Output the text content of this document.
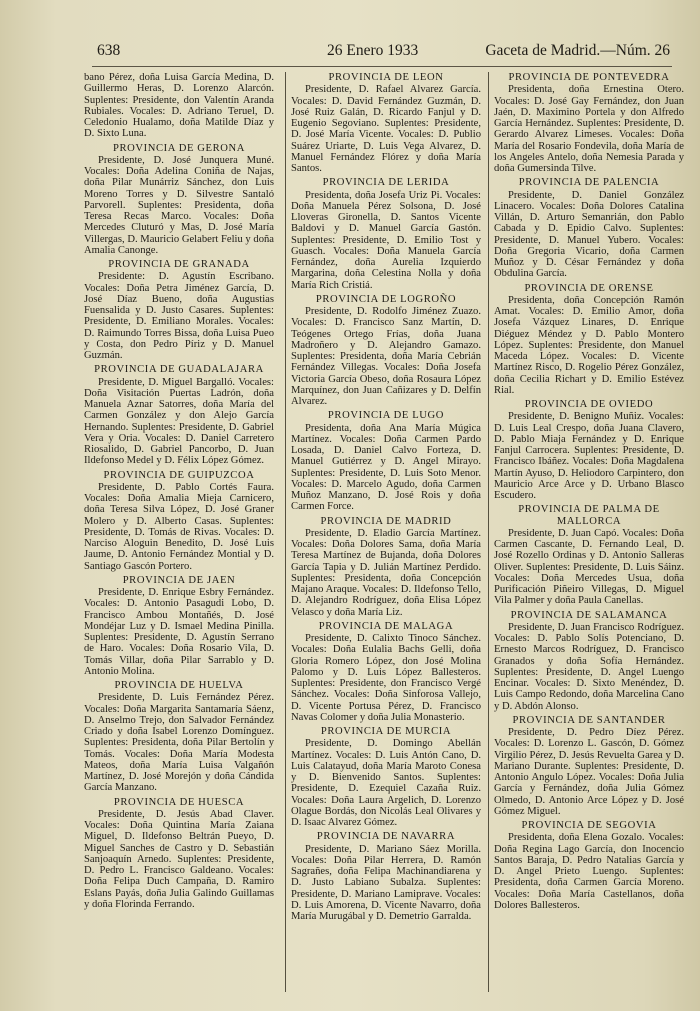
638	26 Enero 1933	Gaceta de Madrid.—Núm. 26

bano Pérez, doña Luisa García Medina, D. Guillermo Heras, D. Lorenzo Alarcón. Suplentes: Presidente, don Valentín Aranda Rubiales. Vocales: D. Adriano Teruel, D. Celedonio Hualamo, doña Matilde Díaz y D. Sixto Luna.

PROVINCIA DE GERONA

Presidente, D. José Junquera Muné. Vocales: Doña Adelina Coniña de Najas, doña Pilar Munárriz Sánchez, don Luis Moreno Torres y D. Silvestre Santaló Parvorell. Suplentes: Presidenta, doña Teresa Recas Marco. Vocales: Doña Mercedes Cluturó y Mas, D. José María Villergas, D. Mauricio Gelabert Feliu y doña Amalia Canonge.

PROVINCIA DE GRANADA

Presidente: D. Agustín Escribano. Vocales: Doña Petra Jiménez García, D. José Díaz Bueno, doña Augustias Fuensalida y D. Justo Casares. Suplentes: Presidente, D. Emiliano Morales. Vocales: D. Raimundo Torres Bissa, doña Luisa Pueo y Costa, don Pedro Píriz y D. Manuel Guzmán.

PROVINCIA DE GUADALAJARA

Presidente, D. Miguel Bargalló. Vocales: Doña Visitación Puertas Ladrón, doña Manuela Aznar Satorres, doña María del Carmen González y don Alejo García Hernando. Suplentes: Presidente, D. Gabriel Vera y Oria. Vocales: D. Daniel Carretero Riosalido, D. Gabriel Pancorbo, D. Juan Ildefonso Medel y D. Félix López Gómez.

PROVINCIA DE GUIPUZCOA

Presidente, D. Pablo Cortés Faura. Vocales: Doña Amalia Mieja Carnicero, doña Teresa Silva López, D. José Graner Molero y D. Alberto Casas. Suplentes: Presidente, D. Tomás de Rivas. Vocales: D. Narciso Aloguin Benedito, D. José Luis Jaume, D. Antonio Fernández Montial y D. Santiago Gascón Portero.

PROVINCIA DE JAEN

Presidente, D. Enrique Esbry Fernández. Vocales: D. Antonio Pasagudi Lobo, D. Francisco Ambou Montañés, D. José Mondéjar Luz y D. Ismael Medina Pinilla. Suplentes: Presidente, D. Agustín Serrano de Haro. Vocales: Doña Rosario Vila, D. Tomás Villar, doña Pilar Sarrablo y D. Antonio Molina.

PROVINCIA DE HUELVA

Presidente, D. Luis Fernández Pérez. Vocales: Doña Margarita Santamaría Sáenz, D. Anselmo Trejo, don Salvador Fernández Criado y doña Isabel Lorenzo Domínguez. Suplentes: Presidenta, doña Pilar Bertolín y Tomás. Vocales: Doña María Modesta Mateos, doña María Luisa Valgañón Martínez, D. José Morejón y doña Cándida García Manzano.

PROVINCIA DE HUESCA

Presidente, D. Jesús Abad Claver. Vocales: Doña Quintina María Zaiana Miguel, D. Ildefonso Beltrán Pueyo, D. Miguel Sanches de Castro y D. Sebastián Sanjoaquín Arnedo. Suplentes: Presidente, D. Pedro L. Francisco Galdeano. Vocales: Doña Felipa Duch Campaña, D. Ramiro Eslans Payás, doña Julia Galindo Guillamas y doña Florinda Ferrando.

PROVINCIA DE LEON

Presidente, D. Rafael Alvarez García. Vocales: D. David Fernández Guzmán, D. José Ruiz Galán, D. Ricardo Fanjul y D. Eugenio Segoviano. Suplentes: Presidente, D. José María Vicente. Vocales: D. Publio Suárez Uriarte, D. Luis Vega Alvarez, D. Manuel Fernández Flórez y doña María Santos.

PROVINCIA DE LERIDA

Presidenta, doña Josefa Uriz Pi. Vocales: Doña Manuela Pérez Solsona, D. José Lloveras Gironella, D. Santos Vicente Baldovi y D. Manuel García Gastón. Suplentes: Presidente, D. Emilio Tost y Guasch. Vocales: Doña Manuela García Fernández, doña Aurelia Izquierdo Margarina, doña Celestina Nolla y doña María Rich Cristiá.

PROVINCIA DE LOGROÑO

Presidente, D. Rodolfo Jiménez Zuazo. Vocales: D. Francisco Sanz Martín, D. Teógenes Ortego Frías, doña Juana Madroñero y D. Alejandro Gamazo. Suplentes: Presidenta, doña María Cebrián Fernández Villegas. Vocales: Doña Josefa Victoria García Obeso, doña Rosaura López Marquínez, don Juan Cañizares y D. Delfín Alvarez.

PROVINCIA DE LUGO

Presidenta, doña Ana María Múgica Martínez. Vocales: Doña Carmen Pardo Losada, D. Daniel Calvo Forteza, D. Manuel Gutiérrez y D. Angel Mirayo. Suplentes: Presidente, D. Luis Soto Menor. Vocales: D. Marcelo Agudo, doña Carmen Muñoz Manzano, D. José Rois y doña Carmen Force.

PROVINCIA DE MADRID

Presidente, D. Eladio García Martínez. Vocales: Doña Dolores Sama, doña María Teresa Martínez de Bujanda, doña Dolores García Tapia y D. Julián Martínez Perdido. Suplentes: Presidenta, doña Concepción Majano Araque. Vocales: D. Ildefonso Tello, D. Alejandro Rodríguez, doña Elisa López Velasco y doña María Liz.

PROVINCIA DE MALAGA

Presidente, D. Calixto Tinoco Sánchez. Vocales: Doña Eulalia Bachs Gelli, doña Gloria Romero López, don José Molina Palomo y D. Luis López Ballesteros. Suplentes: Presidente, don Francisco Vergé Sánchez. Vocales: Doña Sinforosa Vallejo, D. Vicente Portusa Pérez, D. Francisco Navas Colomer y doña Julia Monasterio.

PROVINCIA DE MURCIA

Presidente, D. Domingo Abellán Martínez. Vocales: D. Luis Antón Cano, D. Luis Calatayud, doña María Maroto Conesa y D. Bienvenido Santos. Suplentes: Presidente, D. Ezequiel Cazaña Ruiz. Vocales: Doña Laura Argelich, D. Lorenzo Olague Bordás, don Nicolás Leal Olivares y D. Isaac Alvarez Gómez.

PROVINCIA DE NAVARRA

Presidente, D. Mariano Sáez Morilla. Vocales: Doña Pilar Herrera, D. Ramón Sagrañes, doña Felipa Machinandiarena y D. Justo Labiano Subalza. Suplentes: Presidente, D. Mariano Lamiprave. Vocales: D. Luis Amorena, D. Vicente Navarro, doña María Murugábal y D. Demetrio Garralda.

PROVINCIA DE PONTEVEDRA

Presidenta, doña Ernestina Otero. Vocales: D. José Gay Fernández, don Juan Jaén, D. Maximino Portela y don Alfredo García Hernández. Suplentes: Presidente, D. Gerardo Alvarez Limeses. Vocales: Doña María del Rosario Fondevila, doña María de los Angeles Antelo, doña Nemesia Parada y doña Gumersinda Tilve.

PROVINCIA DE PALENCIA

Presidente, D. Daniel González Linacero. Vocales: Doña Dolores Catalina Villán, D. Arturo Semanrián, don Pablo Cabada y D. Epidio Calvo. Suplentes: Presidente, D. Manuel Yubero. Vocales: Doña Gregoria Vicario, doña Carmen Muñoz y D. César Fernández y doña Obdulina García.

PROVINCIA DE ORENSE

Presidenta, doña Concepción Ramón Amat. Vocales: D. Emilio Amor, doña Josefa Vázquez Linares, D. Enrique Diéguez Méndez y D. Pablo Montero López. Suplentes: Presidente, don Manuel Maceda López. Vocales: D. Vicente Martínez Risco, D. Rogelio Pérez González, doña Cecilia Richart y D. Emilio Estévez Rial.

PROVINCIA DE OVIEDO

Presidente, D. Benigno Muñiz. Vocales: D. Luis Leal Crespo, doña Juana Clavero, D. Pablo Miaja Fernández y D. Enrique Fanjul Carrocera. Suplentes: Presidente, D. Francisco Ibáñez. Vocales: Doña Magdalena Martín Ayuso, D. Heliodoro Carpintero, don Mauricio Arce Arce y D. Urbano Blasco Escudero.

PROVINCIA DE PALMA DE MALLORCA

Presidente, D. Juan Capó. Vocales: Doña Carmen Cascante, D. Fernando Leal, D. José Rozello Ordinas y D. Antonio Salleras Oliver. Suplentes: Presidente, D. Luis Sáinz. Vocales: Doña Mercedes Usua, doña Purificación Piñeiro Villegas, D. Miguel Vila Palmer y doña Paula Canellas.

PROVINCIA DE SALAMANCA

Presidente, D. Juan Francisco Rodríguez. Vocales: D. Pablo Solís Potenciano, D. Ernesto Marcos Rodríguez, D. Francisco Granados y doña Sofía Hernández. Suplentes: Presidente, D. Angel Luengo Encinar. Vocales: D. Sixto Menéndez, D. Luis Campo Redondo, doña Marcelina Cano y D. Abdón Alonso.

PROVINCIA DE SANTANDER

Presidente, D. Pedro Díez Pérez. Vocales: D. Lorenzo L. Gascón, D. Gómez Virgilio Pérez, D. Jesús Revuelta Garea y D. Mariano Durante. Suplentes: Presidente, D. Antonio Angulo López. Vocales: Doña Julia García y Fernández, doña Julia Gómez Olmedo, D. Antonio Arce López y D. José Gómez Miguel.

PROVINCIA DE SEGOVIA

Presidenta, doña Elena Gozalo. Vocales: Doña Regina Lago García, don Inocencio Santos Baraja, D. Pedro Natalias García y D. Angel Prieto Luengo. Suplentes: Presidenta, doña Carmen García Moreno. Vocales: Doña María Castellanos, doña Dolores Ballesteros.
